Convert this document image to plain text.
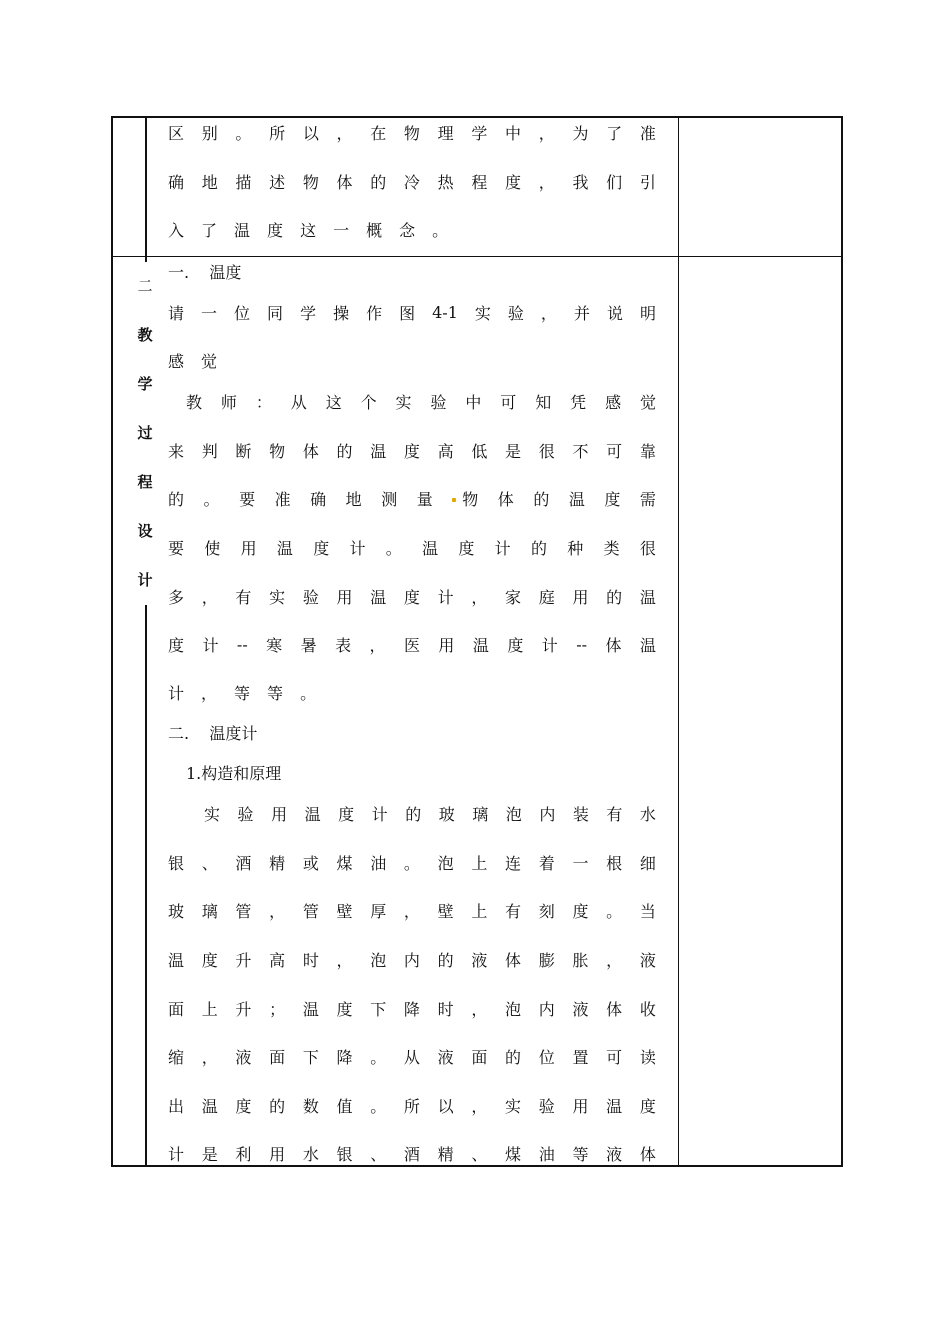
二
教
学
过
程
设
计
区 别 。 所 以 ， 在 物 理 学 中 ， 为 了 准
确 地 描 述 物 体 的 冷 热 程 度 ， 我 们 引
入 了 温 度 这 一 概 念 。
一.    温度
请 一 位 同 学 操 作 图 4-1 实 验 ， 并 说 明
感 觉
教 师 ： 从 这 个 实 验 中 可 知 凭 感 觉
来 判 断 物 体 的 温 度 高 低 是 很 不 可 靠
的 。 要 准 确 地 测 量	物 体 的 温 度 需
要 使 用 温 度 计 。 温 度 计 的 种 类 很
多 ， 有 实 验 用 温 度 计 ， 家 庭 用 的 温
度 计 -- 寒 暑 表 ， 医 用 温 度 计 -- 体 温
计 ， 等 等 。
二.    温度计
1.构造和原理
实 验 用 温 度 计 的 玻 璃 泡 内 装 有 水
银 、 酒 精 或 煤 油 。 泡 上 连 着 一 根 细
玻 璃 管 ， 管 壁 厚 ， 壁 上 有 刻 度 。 当
温 度 升 高 时 ， 泡 内 的 液 体 膨 胀 ， 液
面 上 升 ； 温 度 下 降 时 ， 泡 内 液 体 收
缩 ， 液 面 下 降 。 从 液 面 的 位 置 可 读
出 温 度 的 数 值 。 所 以 ， 实 验 用 温 度
计 是 利 用 水 银 、 酒 精 、 煤 油 等 液 体
